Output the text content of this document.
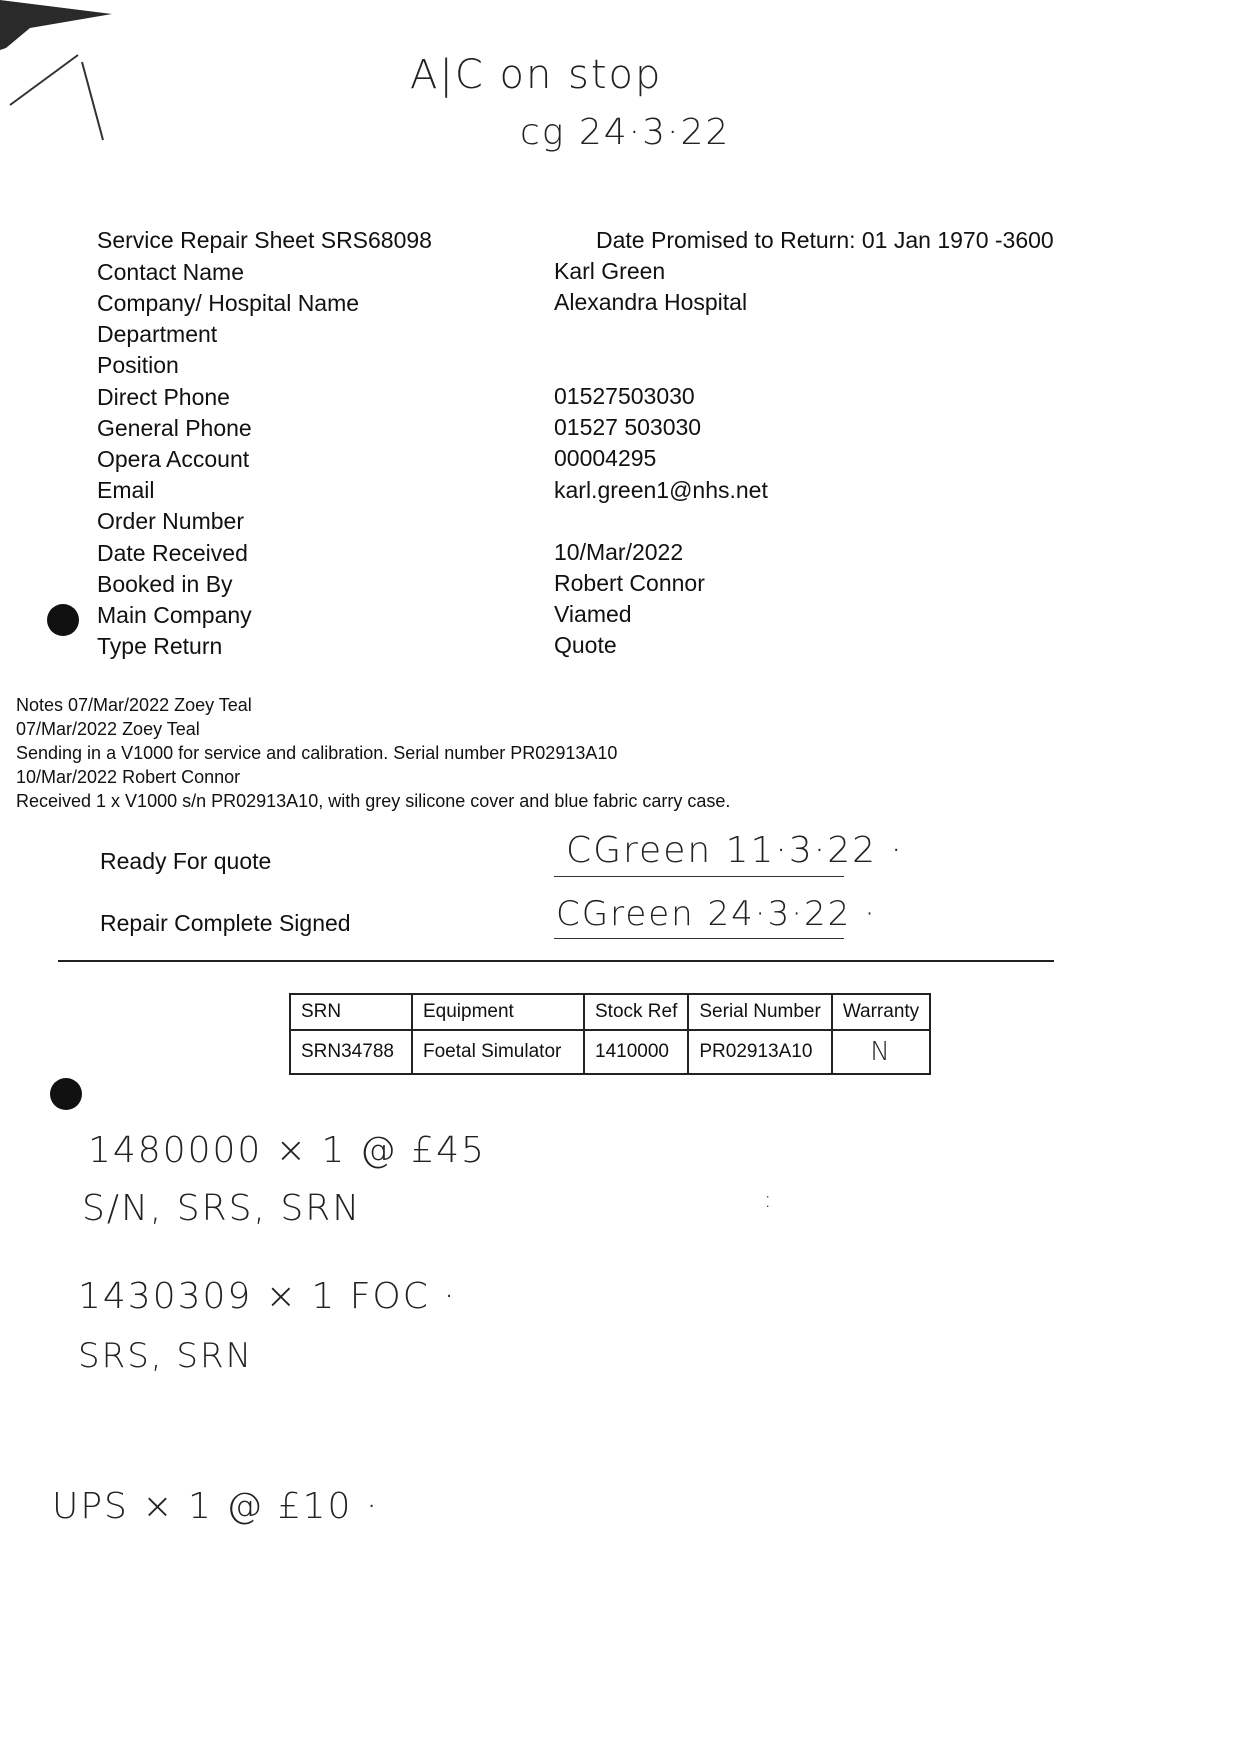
A|C on stop
cg 24·3·22
Service Repair Sheet SRS68098	Date Promised to Return: 01 Jan 1970 -3600
Contact Name	Karl Green
Company/ Hospital Name	Alexandra Hospital
Department
Position
Direct Phone	01527503030
General Phone	01527 503030
Opera Account	00004295
Email	karl.green1@nhs.net
Order Number
Date Received	10/Mar/2022
Booked in By	Robert Connor
Main Company	Viamed
Type Return	Quote
Notes 07/Mar/2022 Zoey Teal
07/Mar/2022 Zoey Teal
Sending in a V1000 for service and calibration. Serial number PR02913A10
10/Mar/2022 Robert Connor
Received 1 x V1000 s/n PR02913A10, with grey silicone cover and blue fabric carry case.
Ready For quote	CGreen 11·3·22 ·
Repair Complete Signed	CGreen 24·3·22 ·
SRN	Equipment	Stock Ref	Serial Number	Warranty
SRN34788	Foetal Simulator	1410000	PR02913A10	N
1480000 × 1 @ £45
S/N, SRS, SRN	:
1430309 × 1 FOC ·
SRS, SRN
UPS × 1 @ £10 ·
